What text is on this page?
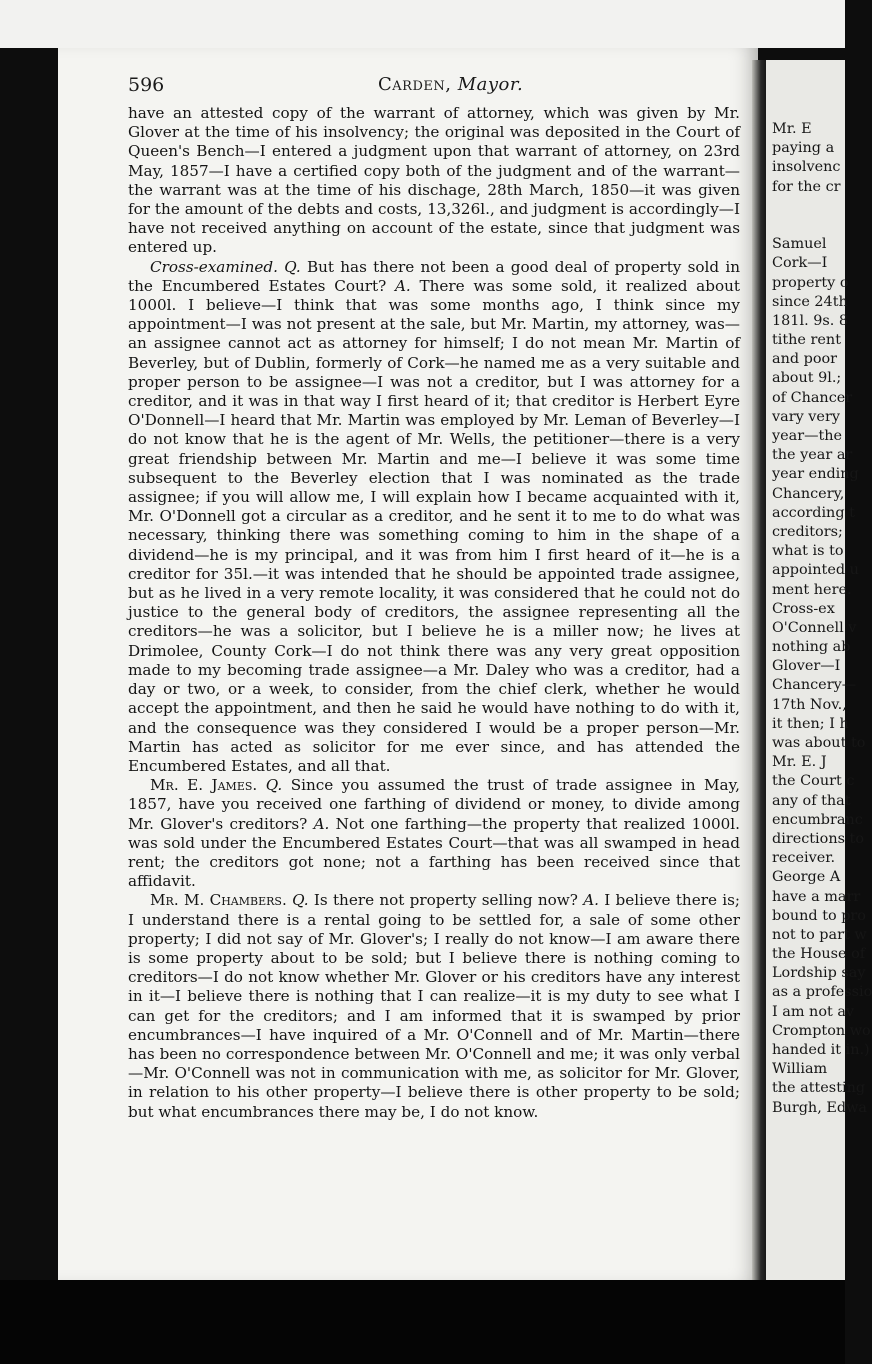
Mr. E
paying a
insolvenc
for the cr
Samuel
Cork—I
property o
since 24th
181l. 9s. 8
tithe rent
and poor
about 9l.;
of Chancer
vary very
year—the
the year ar
year ending
Chancery,
according t
creditors;
what is to
appointed u
ment here.
Cross-ex
O'Connell v
nothing ab
Glover—I
Chancery—
17th Nov.,
it then; I h
was about to
Mr. E. J
the Court c
any of that
encumbranc
directions to
receiver.
George A
have a marr
bound to pro
not to part w
the House of
Lordship say
as a professio
I am not av
Crompton wo
handed it in.)
William
the attesting
Burgh, Edwa
596	Carden, Mayor.

have an attested copy of the warrant of attorney, which was given by Mr. Glover at the time of his insolvency; the original was deposited in the Court of Queen's Bench—I entered a judgment upon that warrant of attorney, on 23rd May, 1857—I have a certified copy both of the judgment and of the warrant—the warrant was at the time of his dischage, 28th March, 1850—it was given for the amount of the debts and costs, 13,326l., and judgment is accordingly—I have not received anything on account of the estate, since that judgment was entered up.

Cross-examined. Q. But has there not been a good deal of property sold in the Encumbered Estates Court? A. There was some sold, it realized about 1000l. I believe—I think that was some months ago, I think since my appointment—I was not present at the sale, but Mr. Martin, my attorney, was—an assignee cannot act as attorney for himself; I do not mean Mr. Martin of Beverley, but of Dublin, formerly of Cork—he named me as a very suitable and proper person to be assignee—I was not a creditor, but I was attorney for a creditor, and it was in that way I first heard of it; that creditor is Herbert Eyre O'Donnell—I heard that Mr. Martin was employed by Mr. Leman of Beverley—I do not know that he is the agent of Mr. Wells, the petitioner—there is a very great friendship between Mr. Martin and me—I believe it was some time subsequent to the Beverley election that I was nominated as the trade assignee; if you will allow me, I will explain how I became acquainted with it, Mr. O'Donnell got a circular as a creditor, and he sent it to me to do what was necessary, thinking there was something coming to him in the shape of a dividend—he is my principal, and it was from him I first heard of it—he is a creditor for 35l.—it was intended that he should be appointed trade assignee, but as he lived in a very remote locality, it was considered that he could not do justice to the general body of creditors, the assignee representing all the creditors—he was a solicitor, but I believe he is a miller now; he lives at Drimolee, County Cork—I do not think there was any very great opposition made to my becoming trade assignee—a Mr. Daley who was a creditor, had a day or two, or a week, to consider, from the chief clerk, whether he would accept the appointment, and then he said he would have nothing to do with it, and the consequence was they considered I would be a proper person—Mr. Martin has acted as solicitor for me ever since, and has attended the Encumbered Estates, and all that.

Mr. E. James. Q. Since you assumed the trust of trade assignee in May, 1857, have you received one farthing of dividend or money, to divide among Mr. Glover's creditors? A. Not one farthing—the property that realized 1000l. was sold under the Encumbered Estates Court—that was all swamped in head rent; the creditors got none; not a farthing has been received since that affidavit.

Mr. M. Chambers. Q. Is there not property selling now? A. I believe there is; I understand there is a rental going to be settled for, a sale of some other property; I did not say of Mr. Glover's; I really do not know—I am aware there is some property about to be sold; but I believe there is nothing coming to creditors—I do not know whether Mr. Glover or his creditors have any interest in it—I believe there is nothing that I can realize—it is my duty to see what I can get for the creditors; and I am informed that it is swamped by prior encumbrances—I have inquired of a Mr. O'Connell and of Mr. Martin—there has been no correspondence between Mr. O'Connell and me; it was only verbal—Mr. O'Connell was not in communication with me, as solicitor for Mr. Glover, in relation to his other property—I believe there is other property to be sold; but what encumbrances there may be, I do not know.
